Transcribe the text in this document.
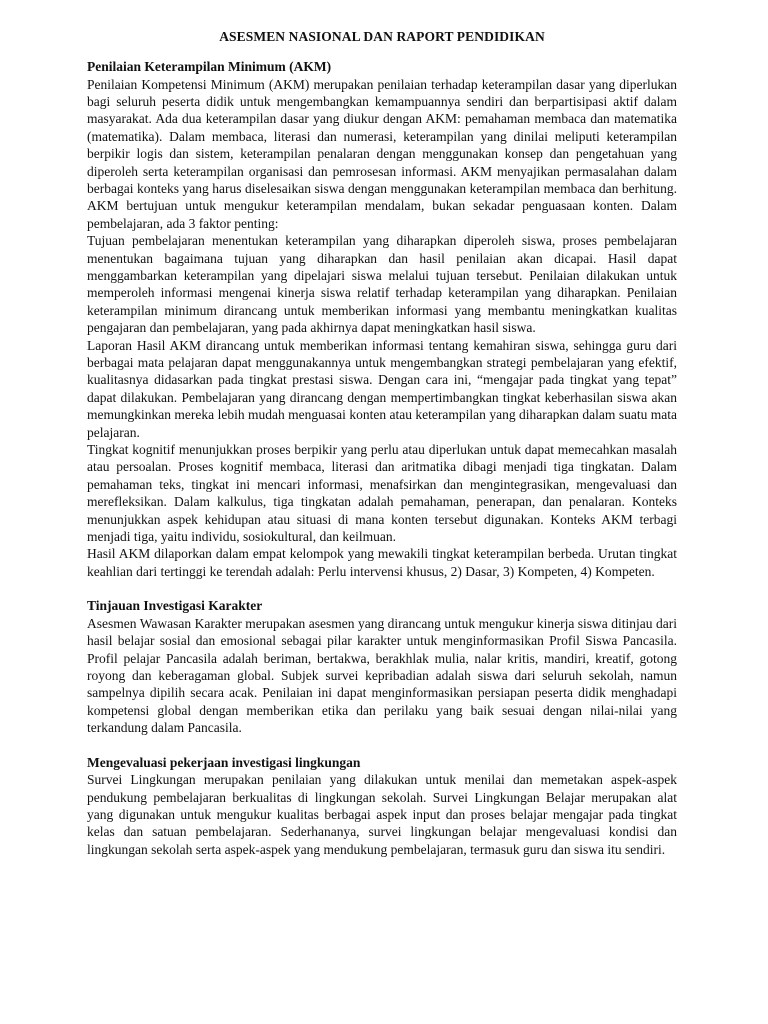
ASESMEN NASIONAL DAN RAPORT PENDIDIKAN

Penilaian Keterampilan Minimum (AKM)

Penilaian Kompetensi Minimum (AKM) merupakan penilaian terhadap keterampilan dasar yang diperlukan bagi seluruh peserta didik untuk mengembangkan kemampuannya sendiri dan berpartisipasi aktif dalam masyarakat. Ada dua keterampilan dasar yang diukur dengan AKM: pemahaman membaca dan matematika (matematika). Dalam membaca, literasi dan numerasi, keterampilan yang dinilai meliputi keterampilan berpikir logis dan sistem, keterampilan penalaran dengan menggunakan konsep dan pengetahuan yang diperoleh serta keterampilan organisasi dan pemrosesan informasi. AKM menyajikan permasalahan dalam berbagai konteks yang harus diselesaikan siswa dengan menggunakan keterampilan membaca dan berhitung. AKM bertujuan untuk mengukur keterampilan mendalam, bukan sekadar penguasaan konten. Dalam pembelajaran, ada 3 faktor penting:

Tujuan pembelajaran menentukan keterampilan yang diharapkan diperoleh siswa, proses pembelajaran menentukan bagaimana tujuan yang diharapkan dan hasil penilaian akan dicapai. Hasil dapat menggambarkan keterampilan yang dipelajari siswa melalui tujuan tersebut. Penilaian dilakukan untuk memperoleh informasi mengenai kinerja siswa relatif terhadap keterampilan yang diharapkan. Penilaian keterampilan minimum dirancang untuk memberikan informasi yang membantu meningkatkan kualitas pengajaran dan pembelajaran, yang pada akhirnya dapat meningkatkan hasil siswa.

Laporan Hasil AKM dirancang untuk memberikan informasi tentang kemahiran siswa, sehingga guru dari berbagai mata pelajaran dapat menggunakannya untuk mengembangkan strategi pembelajaran yang efektif, kualitasnya didasarkan pada tingkat prestasi siswa. Dengan cara ini, “mengajar pada tingkat yang tepat” dapat dilakukan. Pembelajaran yang dirancang dengan mempertimbangkan tingkat keberhasilan siswa akan memungkinkan mereka lebih mudah menguasai konten atau keterampilan yang diharapkan dalam suatu mata pelajaran.

Tingkat kognitif menunjukkan proses berpikir yang perlu atau diperlukan untuk dapat memecahkan masalah atau persoalan. Proses kognitif membaca, literasi dan aritmatika dibagi menjadi tiga tingkatan. Dalam pemahaman teks, tingkat ini mencari informasi, menafsirkan dan mengintegrasikan, mengevaluasi dan merefleksikan. Dalam kalkulus, tiga tingkatan adalah pemahaman, penerapan, dan penalaran. Konteks menunjukkan aspek kehidupan atau situasi di mana konten tersebut digunakan. Konteks AKM terbagi menjadi tiga, yaitu individu, sosiokultural, dan keilmuan.

Hasil AKM dilaporkan dalam empat kelompok yang mewakili tingkat keterampilan berbeda. Urutan tingkat keahlian dari tertinggi ke terendah adalah: Perlu intervensi khusus, 2) Dasar, 3) Kompeten, 4) Kompeten.

Tinjauan Investigasi Karakter

Asesmen Wawasan Karakter merupakan asesmen yang dirancang untuk mengukur kinerja siswa ditinjau dari hasil belajar sosial dan emosional sebagai pilar karakter untuk menginformasikan Profil Siswa Pancasila. Profil pelajar Pancasila adalah beriman, bertakwa, berakhlak mulia, nalar kritis, mandiri, kreatif, gotong royong dan keberagaman global. Subjek survei kepribadian adalah siswa dari seluruh sekolah, namun sampelnya dipilih secara acak. Penilaian ini dapat menginformasikan persiapan peserta didik menghadapi kompetensi global dengan memberikan etika dan perilaku yang baik sesuai dengan nilai-nilai yang terkandung dalam Pancasila.

Mengevaluasi pekerjaan investigasi lingkungan

Survei Lingkungan merupakan penilaian yang dilakukan untuk menilai dan memetakan aspek-aspek pendukung pembelajaran berkualitas di lingkungan sekolah. Survei Lingkungan Belajar merupakan alat yang digunakan untuk mengukur kualitas berbagai aspek input dan proses belajar mengajar pada tingkat kelas dan satuan pembelajaran. Sederhananya, survei lingkungan belajar mengevaluasi kondisi dan lingkungan sekolah serta aspek-aspek yang mendukung pembelajaran, termasuk guru dan siswa itu sendiri.
